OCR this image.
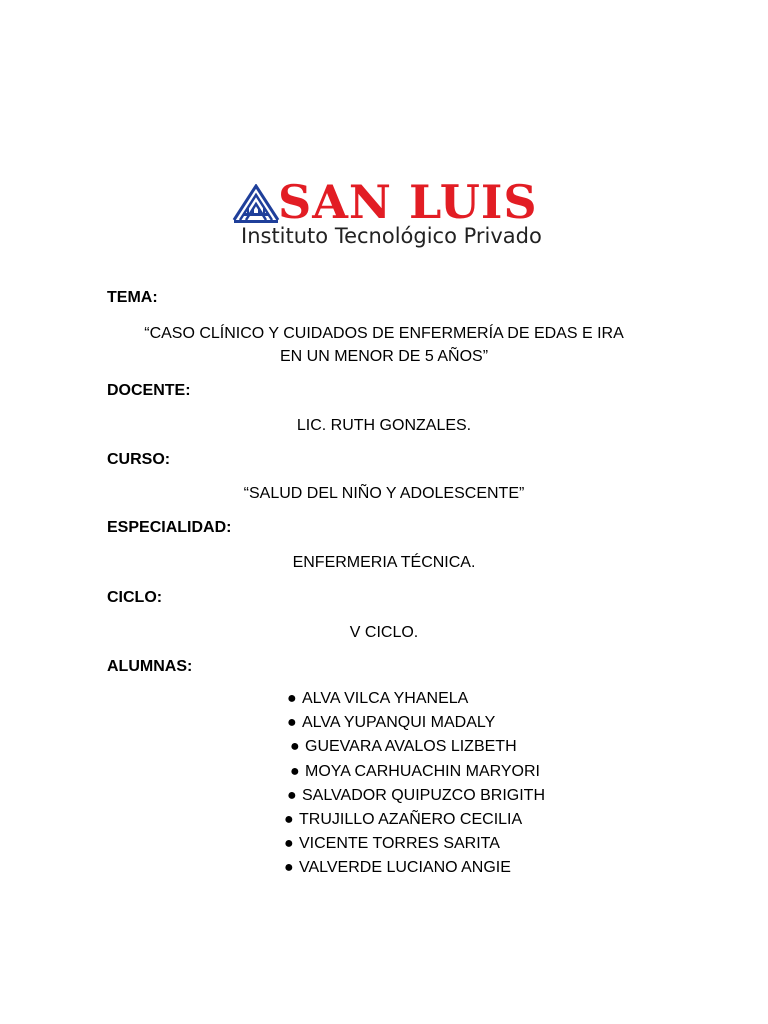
SAN LUIS
Instituto Tecnológico Privado
TEMA:
“CASO CLÍNICO Y CUIDADOS DE ENFERMERÍA DE EDAS E IRA
EN UN MENOR DE 5 AÑOS”
DOCENTE:
LIC. RUTH GONZALES.
CURSO:
“SALUD DEL NIÑO Y ADOLESCENTE”
ESPECIALIDAD:
ENFERMERIA TÉCNICA.
CICLO:
V CICLO.
ALUMNAS:
● ALVA VILCA YHANELA
● ALVA YUPANQUI MADALY
● GUEVARA AVALOS LIZBETH
● MOYA CARHUACHIN MARYORI
● SALVADOR QUIPUZCO BRIGITH
● TRUJILLO AZAÑERO CECILIA
● VICENTE TORRES SARITA
● VALVERDE LUCIANO ANGIE
